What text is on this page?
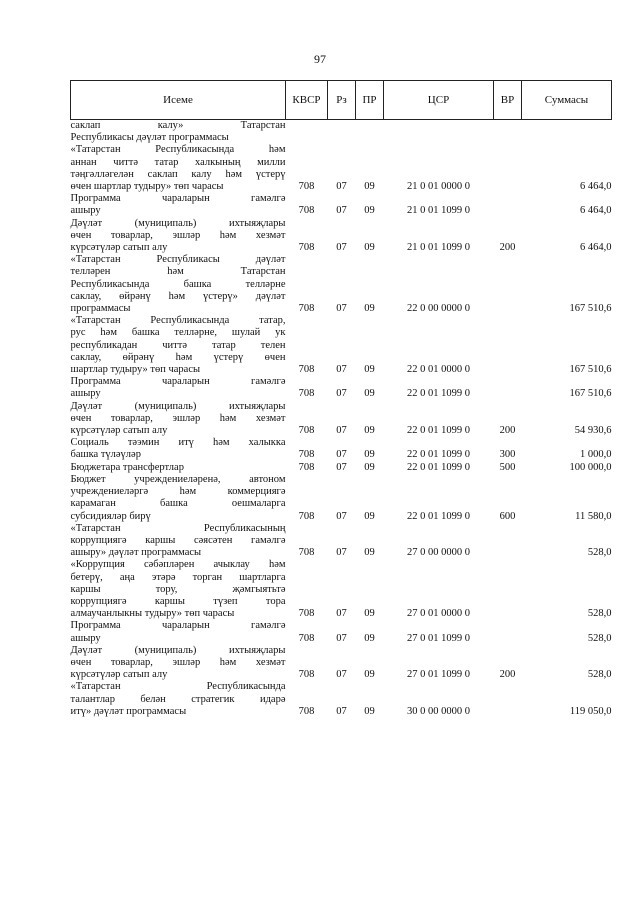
97
Исеме	КВСР	Рз	ПР	ЦСР	ВР	Суммасы

саклап калу» Татарстан
Республикасы дәүләт программасы						

«Татарстан Республикасында һәм
аннан читтә татар халкының милли
тәңгәлләгелән саклап калу һәм үстерү
өчен шартлар тудыру» төп чарасы	708	07	09	21 0 01 0000 0		6 464,0

Программа чараларын гамәлгә
ашыру	708	07	09	21 0 01 1099 0		6 464,0

Дәүләт (муниципаль) ихтыяҗлары
өчен товарлар, эшләр һәм хезмәт
күрсәтүләр сатып алу	708	07	09	21 0 01 1099 0	200	6 464,0

«Татарстан Республикасы дәүләт
телләрен һәм Татарстан
Республикасында башка телләрне
саклау, өйрәнү һәм үстерү» дәүләт
программасы	708	07	09	22 0 00 0000 0		167 510,6

«Татарстан Республикасында татар,
рус һәм башка телләрне, шулай ук
республикадан читтә татар телен
саклау, өйрәнү һәм үстерү өчен
шартлар тудыру» төп чарасы	708	07	09	22 0 01 0000 0		167 510,6

Программа чараларын гамәлгә
ашыру	708	07	09	22 0 01 1099 0		167 510,6

Дәүләт (муниципаль) ихтыяҗлары
өчен товарлар, эшләр һәм хезмәт
күрсәтүләр сатып алу	708	07	09	22 0 01 1099 0	200	54 930,6

Социаль тәэмин итү һәм халыкка
башка түләүләр	708	07	09	22 0 01 1099 0	300	1 000,0

Бюджетара трансфертлар	708	07	09	22 0 01 1099 0	500	100 000,0

Бюджет учреждениеләренә, автоном
учреждениеләргә һәм коммерциягә
карамаган башка оешмаларга
субсидияләр бирү	708	07	09	22 0 01 1099 0	600	11 580,0

«Татарстан Республикасының
коррупциягә каршы сәясәтен гамәлгә
ашыру» дәүләт программасы	708	07	09	27 0 00 0000 0		528,0

«Коррупция сәбәпләрен ачыклау һәм
бетерү, аңа этәрә торган шартларга
каршы тору, җәмгыятьтә
коррупциягә каршы түзеп тора
алмаучанлыкны тудыру» төп чарасы	708	07	09	27 0 01 0000 0		528,0

Программа чараларын гамәлгә
ашыру	708	07	09	27 0 01 1099 0		528,0

Дәүләт (муниципаль) ихтыяҗлары
өчен товарлар, эшләр һәм хезмәт
күрсәтүләр сатып алу	708	07	09	27 0 01 1099 0	200	528,0

«Татарстан Республикасында
талантлар белән стратегик идарә
итү» дәүләт программасы	708	07	09	30 0 00 0000 0		119 050,0
